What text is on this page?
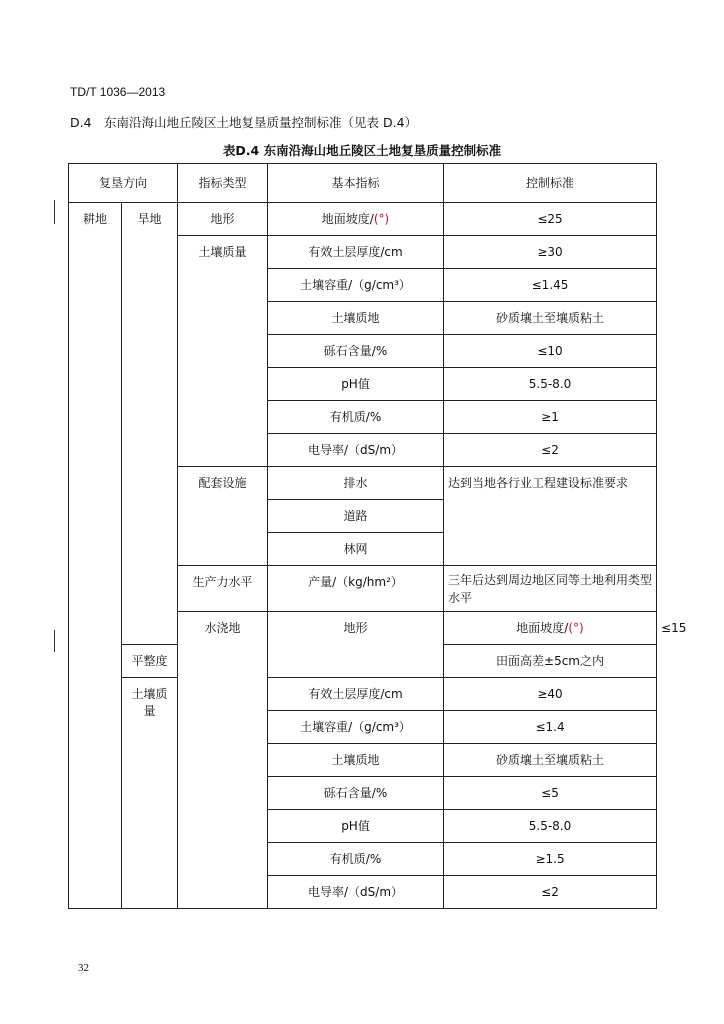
TD/T 1036—2013
D.4　东南沿海山地丘陵区土地复垦质量控制标准（见表 D.4）
表D.4 东南沿海山地丘陵区土地复垦质量控制标准
复垦方向		指标类型	基本指标	控制标准	
耕地	旱地	地形	地面坡度/(°)	≤25	
		土壤质量	有效土层厚度/cm	≥30	
			土壤容重/（g/cm³）	≤1.45	
			土壤质地	砂质壤土至壤质粘土	
			砾石含量/%	≤10	
			pH值	5.5-8.0	
			有机质/%	≥1	
			电导率/（dS/m）	≤2	
		配套设施	排水	达到当地各行业工程建设标准要求	
			道路		
			林网		
		生产力水平	产量/（kg/hm²）	三年后达到周边地区同等土地利用类型水平	
		水浇地	地形	地面坡度/(°)	≤15
	平整度			田面高差±5cm之内	
	土壤质量		有效土层厚度/cm	≥40	
			土壤容重/（g/cm³）	≤1.4	
			土壤质地	砂质壤土至壤质粘土	
			砾石含量/%	≤5	
			pH值	5.5-8.0	
			有机质/%	≥1.5	
			电导率/（dS/m）	≤2	
32
